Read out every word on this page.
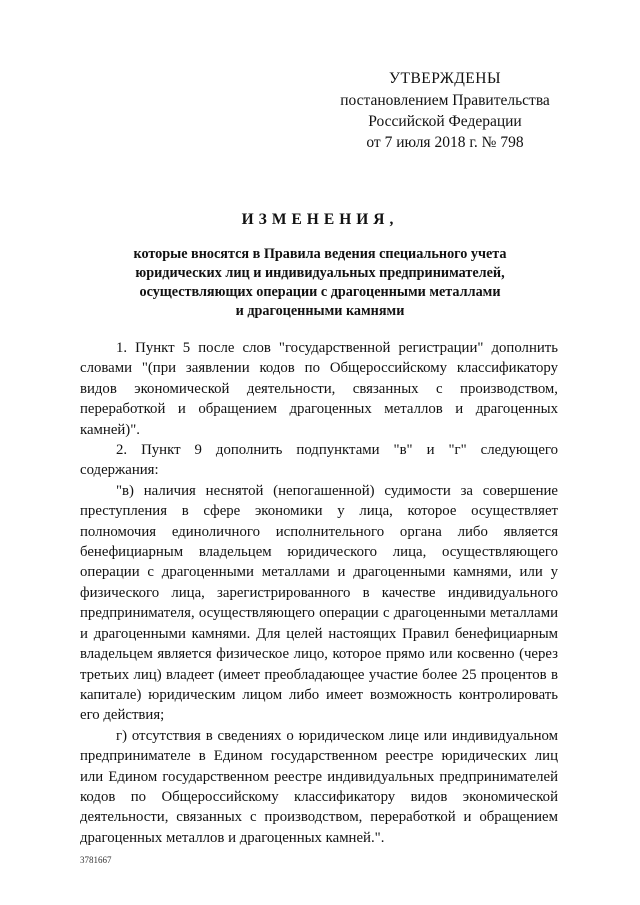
УТВЕРЖДЕНЫ
постановлением Правительства
Российской Федерации
от 7 июля 2018 г. № 798
ИЗМЕНЕНИЯ,
которые вносятся в Правила ведения специального учета
юридических лиц и индивидуальных предпринимателей,
осуществляющих операции с драгоценными металлами
и драгоценными камнями

1. Пункт 5 после слов "государственной регистрации" дополнить словами "(при заявлении кодов по Общероссийскому классификатору видов экономической деятельности, связанных с производством, переработкой и обращением драгоценных металлов и драгоценных камней)".

2. Пункт 9 дополнить подпунктами "в" и "г" следующего содержания:

"в) наличия неснятой (непогашенной) судимости за совершение преступления в сфере экономики у лица, которое осуществляет полномочия единоличного исполнительного органа либо является бенефициарным владельцем юридического лица, осуществляющего операции с драгоценными металлами и драгоценными камнями, или у физического лица, зарегистрированного в качестве индивидуального предпринимателя, осуществляющего операции с драгоценными металлами и драгоценными камнями. Для целей настоящих Правил бенефициарным владельцем является физическое лицо, которое прямо или косвенно (через третьих лиц) владеет (имеет преобладающее участие более 25 процентов в капитале) юридическим лицом либо имеет возможность контролировать его действия;

г) отсутствия в сведениях о юридическом лице или индивидуальном предпринимателе в Едином государственном реестре юридических лиц или Едином государственном реестре индивидуальных предпринимателей кодов по Общероссийскому классификатору видов экономической деятельности, связанных с производством, переработкой и обращением драгоценных металлов и драгоценных камней.".

3781667
